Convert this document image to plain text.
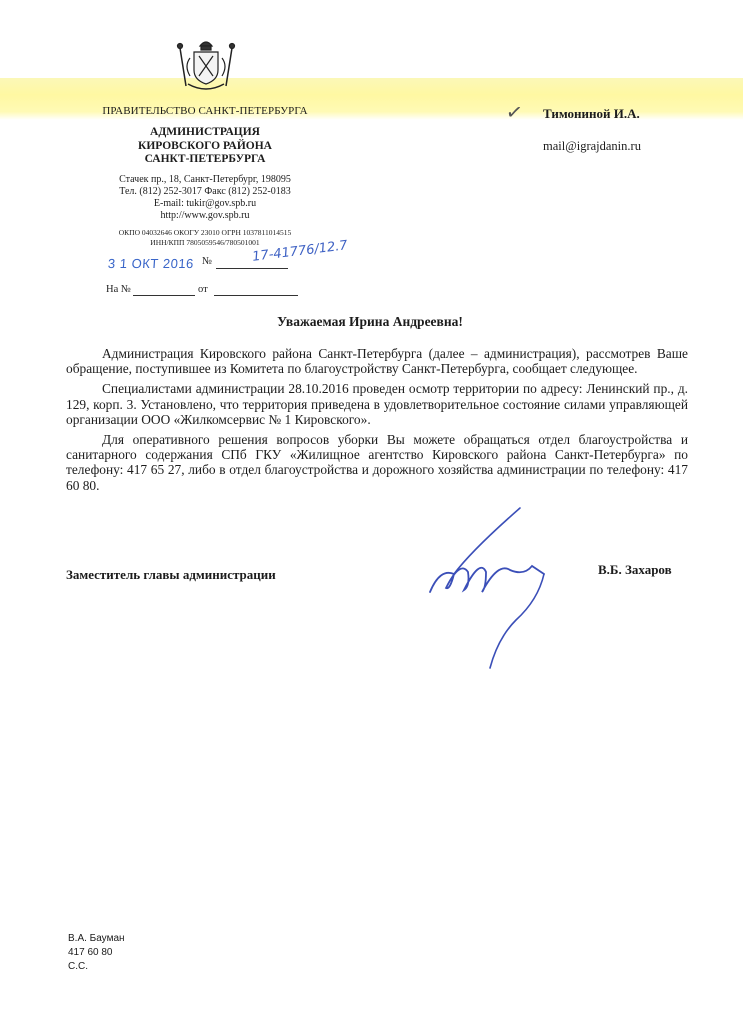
ПРАВИТЕЛЬСТВО САНКТ-ПЕТЕРБУРГА
АДМИНИСТРАЦИЯ
КИРОВСКОГО РАЙОНА
САНКТ-ПЕТЕРБУРГА
Стачек пр., 18, Санкт-Петербург, 198095
Тел. (812) 252-3017 Факс (812) 252-0183
E-mail: tukir@gov.spb.ru
http://www.gov.spb.ru
ОКПО 04032646 ОКОГУ 23010 ОГРН 1037811014515
ИНН/КПП 7805059546/780501001
3 1 ОКТ 2016 №	17-41776/12.7
На №	от
✓ Тимониной И.А.
mail@igrajdanin.ru
Уважаемая Ирина Андреевна!

Администрация Кировского района Санкт-Петербурга (далее – администрация), рассмотрев Ваше обращение, поступившее из Комитета по благоустройству Санкт-Петербурга, сообщает следующее.

Специалистами администрации 28.10.2016 проведен осмотр территории по адресу: Ленинский пр., д. 129, корп. 3. Установлено, что территория приведена в удовлетворительное состояние силами управляющей организации ООО «Жилкомсервис № 1 Кировского».

Для оперативного решения вопросов уборки Вы можете обращаться отдел благоустройства и санитарного содержания СПб ГКУ «Жилищное агентство Кировского района Санкт-Петербурга» по телефону: 417 65 27, либо в отдел благоустройства и дорожного хозяйства администрации по телефону: 417 60 80.

Заместитель главы администрации	В.Б. Захаров
В.А. Бауман
417 60 80
С.С.
